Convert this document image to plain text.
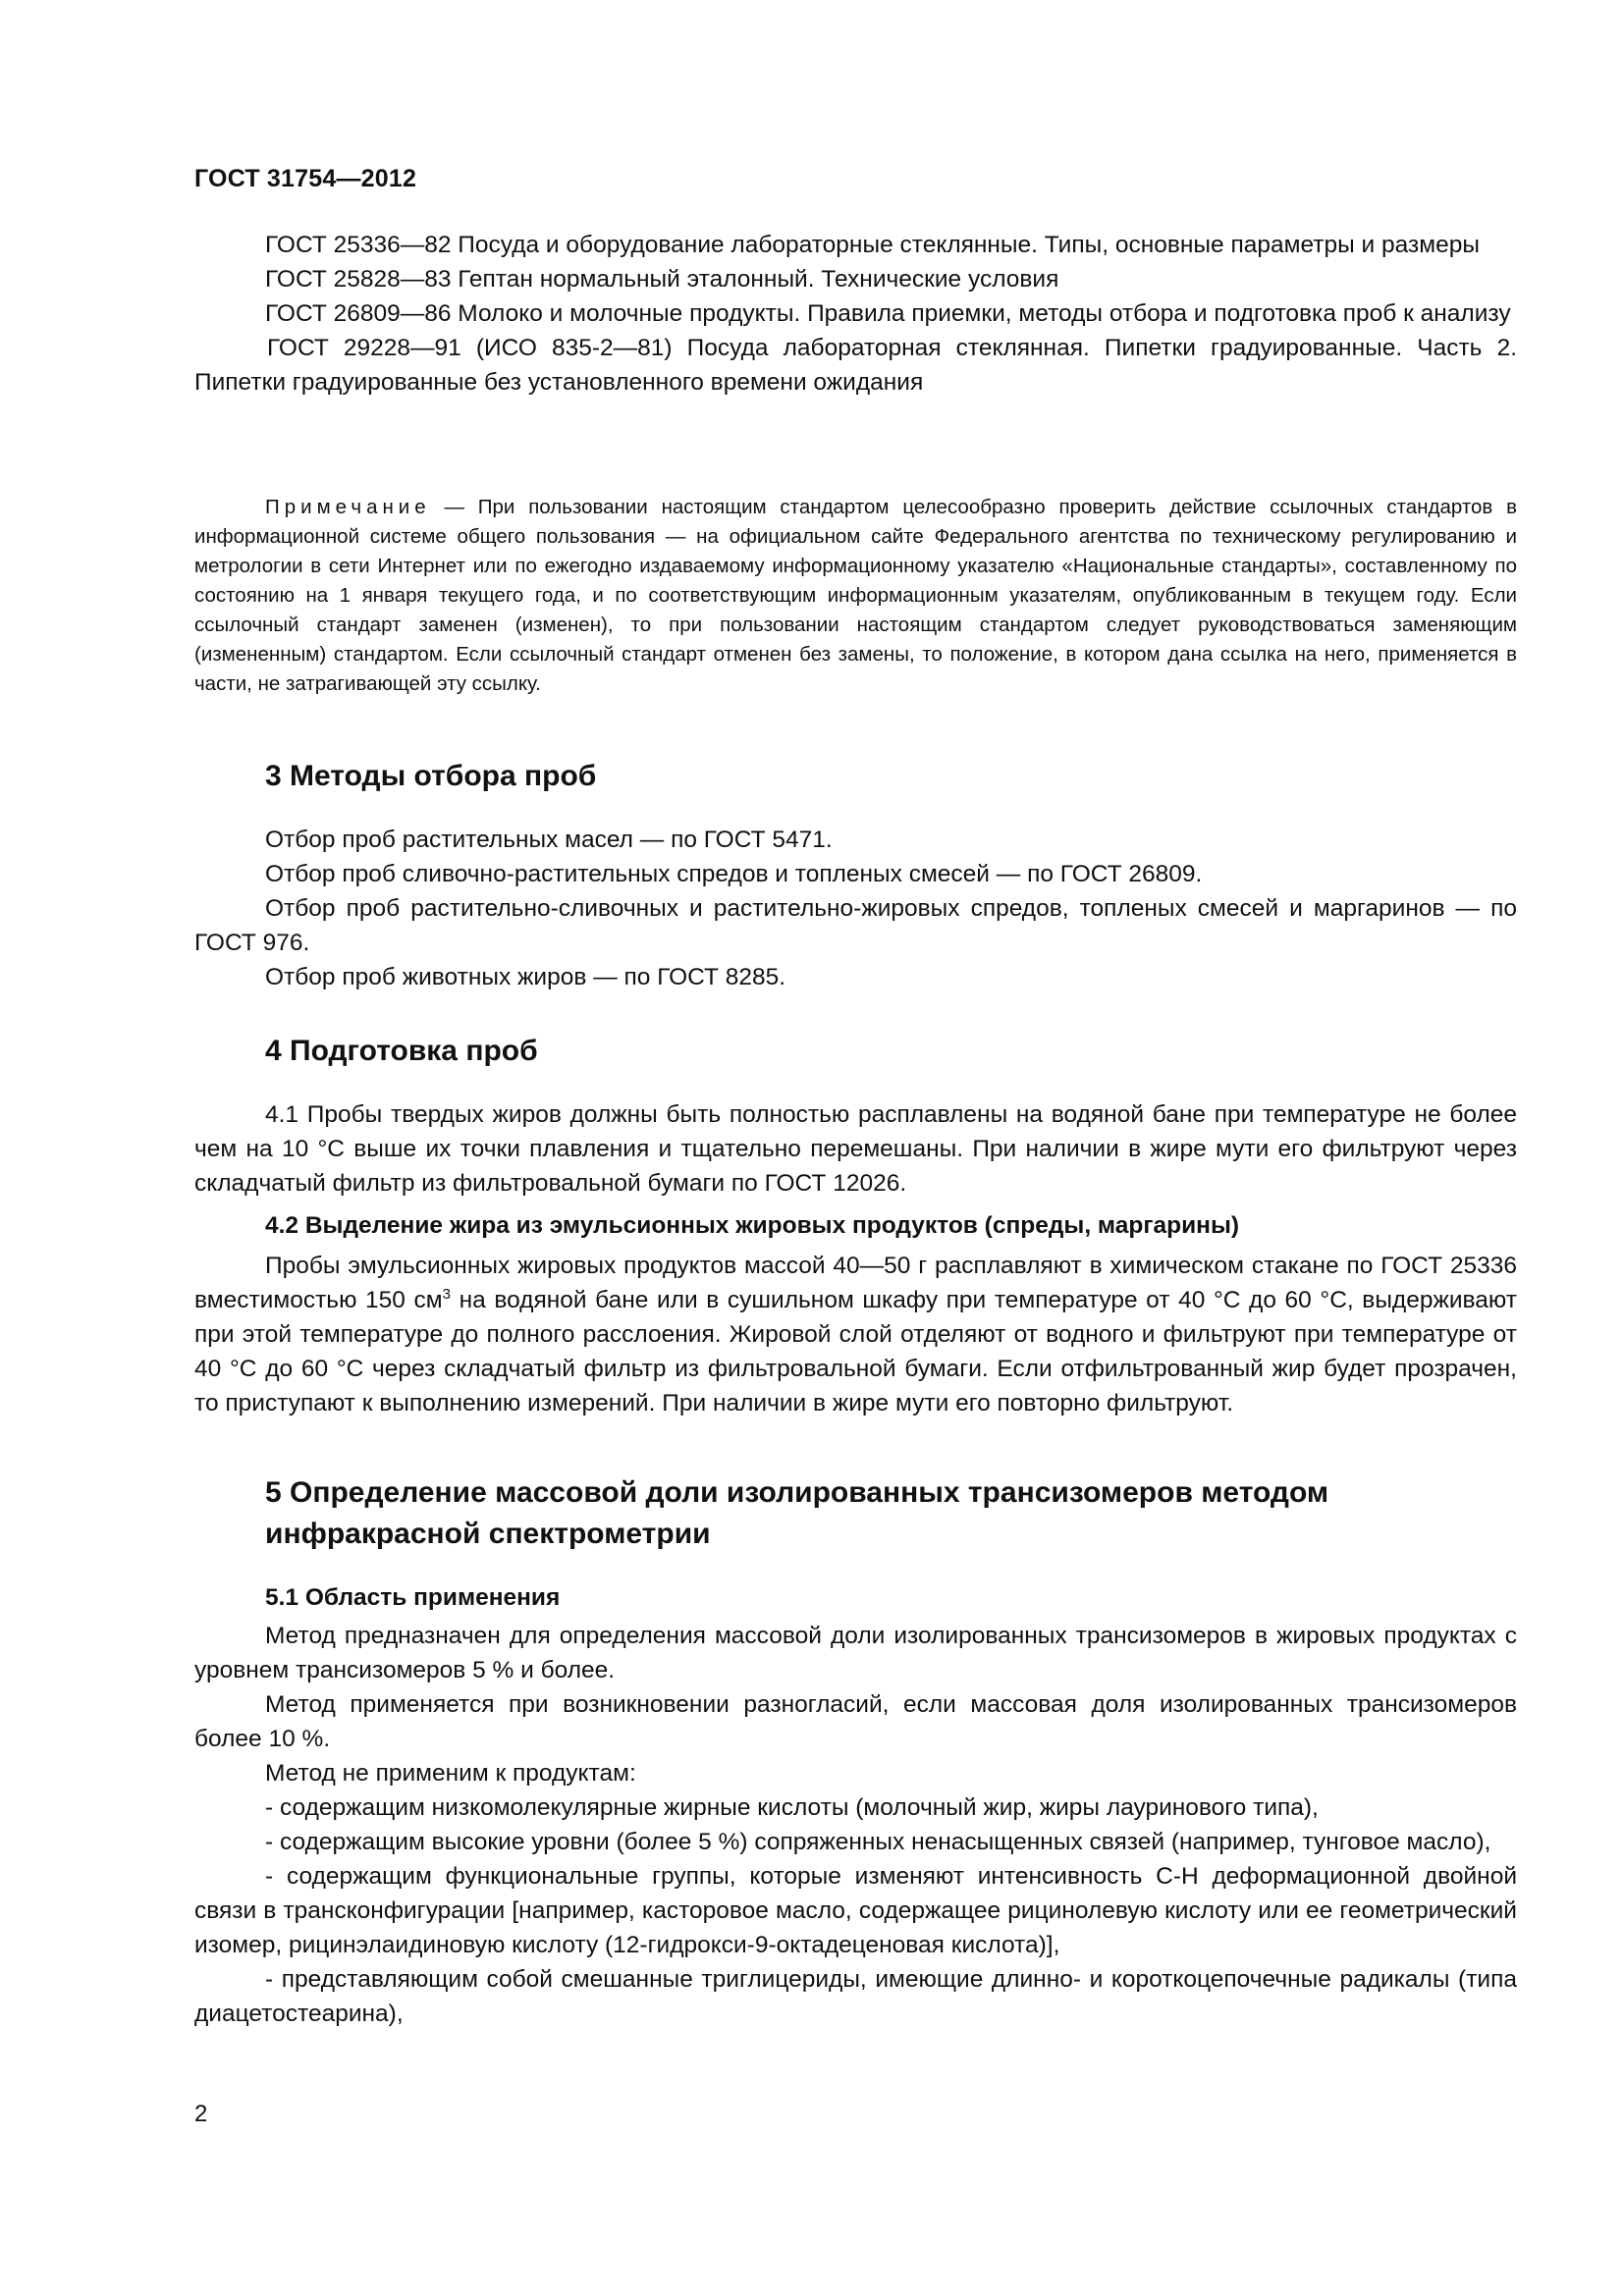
ГОСТ 31754—2012

ГОСТ 25336—82 Посуда и оборудование лабораторные стеклянные. Типы, основные параметры и размеры

ГОСТ 25828—83 Гептан нормальный эталонный. Технические условия

ГОСТ 26809—86 Молоко и молочные продукты. Правила приемки, методы отбора и подготовка проб к анализу

ГОСТ 29228—91 (ИСО 835-2—81) Посуда лабораторная стеклянная. Пипетки градуированные. Часть 2. Пипетки градуированные без установленного времени ожидания

Примечание — При пользовании настоящим стандартом целесообразно проверить действие ссылочных стандартов в информационной системе общего пользования — на официальном сайте Федерального агентства по техническому регулированию и метрологии в сети Интернет или по ежегодно издаваемому информационному указателю «Национальные стандарты», составленному по состоянию на 1 января текущего года, и по соответствующим информационным указателям, опубликованным в текущем году. Если ссылочный стандарт заменен (изменен), то при пользовании настоящим стандартом следует руководствоваться заменяющим (измененным) стандартом. Если ссылочный стандарт отменен без замены, то положение, в котором дана ссылка на него, применяется в части, не затрагивающей эту ссылку.

3 Методы отбора проб

Отбор проб растительных масел — по ГОСТ 5471.

Отбор проб сливочно-растительных спредов и топленых смесей — по ГОСТ 26809.

Отбор проб растительно-сливочных и растительно-жировых спредов, топленых смесей и маргаринов — по ГОСТ 976.

Отбор проб животных жиров — по ГОСТ 8285.

4 Подготовка проб

4.1 Пробы твердых жиров должны быть полностью расплавлены на водяной бане при температуре не более чем на 10 °С выше их точки плавления и тщательно перемешаны. При наличии в жире мути его фильтруют через складчатый фильтр из фильтровальной бумаги по ГОСТ 12026.

4.2 Выделение жира из эмульсионных жировых продуктов (спреды, маргарины)

Пробы эмульсионных жировых продуктов массой 40—50 г расплавляют в химическом стакане по ГОСТ 25336 вместимостью 150 $см^3$ на водяной бане или в сушильном шкафу при температуре от 40 °С до 60 °С, выдерживают при этой температуре до полного расслоения. Жировой слой отделяют от водного и фильтруют при температуре от 40 °С до 60 °С через складчатый фильтр из фильтровальной бумаги. Если отфильтрованный жир будет прозрачен, то приступают к выполнению измерений. При наличии в жире мути его повторно фильтруют.

5 Определение массовой доли изолированных трансизомеров методом инфракрасной спектрометрии
5.1 Область применения

Метод предназначен для определения массовой доли изолированных трансизомеров в жировых продуктах с уровнем трансизомеров 5 % и более.

Метод применяется при возникновении разногласий, если массовая доля изолированных трансизомеров более 10 %.

Метод не применим к продуктам:

- содержащим низкомолекулярные жирные кислоты (молочный жир, жиры лауринового типа),

- содержащим высокие уровни (более 5 %) сопряженных ненасыщенных связей (например, тунговое масло),

- содержащим функциональные группы, которые изменяют интенсивность С-Н деформационной двойной связи в трансконфигурации [например, касторовое масло, содержащее рицинолевую кислоту или ее геометрический изомер, рицинэлаидиновую кислоту (12-гидрокси-9-октадеценовая кислота)],

- представляющим собой смешанные триглицериды, имеющие длинно- и короткоцепочечные радикалы (типа диацетостеарина),

2
